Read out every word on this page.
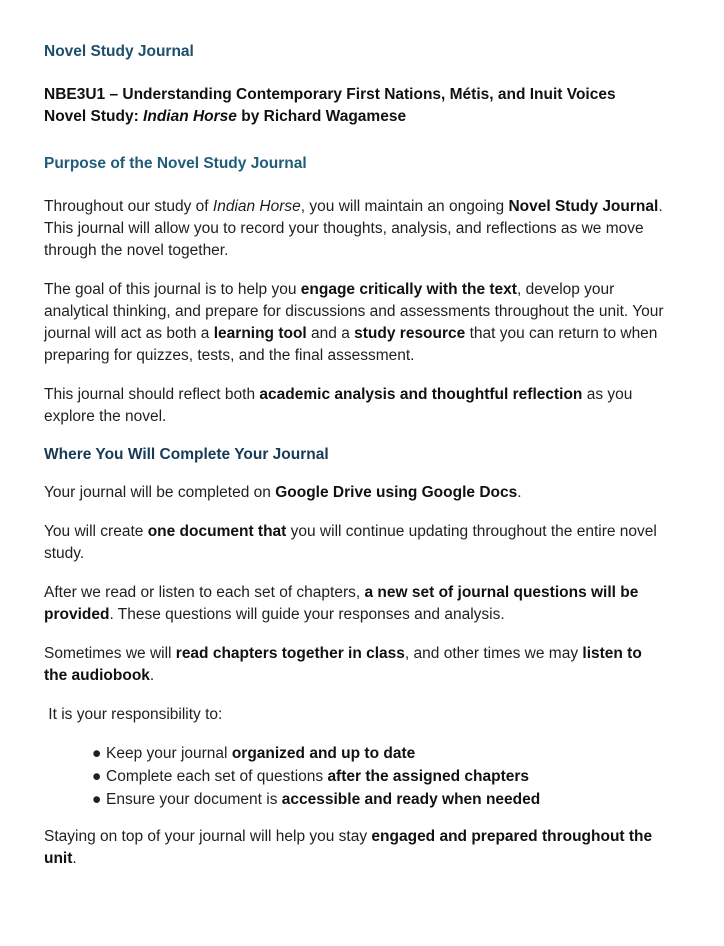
Novel Study Journal

NBE3U1 – Understanding Contemporary First Nations, Métis, and Inuit Voices
Novel Study: Indian Horse by Richard Wagamese

Purpose of the Novel Study Journal

Throughout our study of Indian Horse, you will maintain an ongoing Novel Study Journal. This journal will allow you to record your thoughts, analysis, and reflections as we move through the novel together.

The goal of this journal is to help you engage critically with the text, develop your analytical thinking, and prepare for discussions and assessments throughout the unit. Your journal will act as both a learning tool and a study resource that you can return to when preparing for quizzes, tests, and the final assessment.

This journal should reflect both academic analysis and thoughtful reflection as you explore the novel.

Where You Will Complete Your Journal

Your journal will be completed on Google Drive using Google Docs.

You will create one document that you will continue updating throughout the entire novel study.

After we read or listen to each set of chapters, a new set of journal questions will be provided. These questions will guide your responses and analysis.

Sometimes we will read chapters together in class, and other times we may listen to the audiobook.

It is your responsibility to:

● Keep your journal organized and up to date
● Complete each set of questions after the assigned chapters
● Ensure your document is accessible and ready when needed

Staying on top of your journal will help you stay engaged and prepared throughout the unit.
